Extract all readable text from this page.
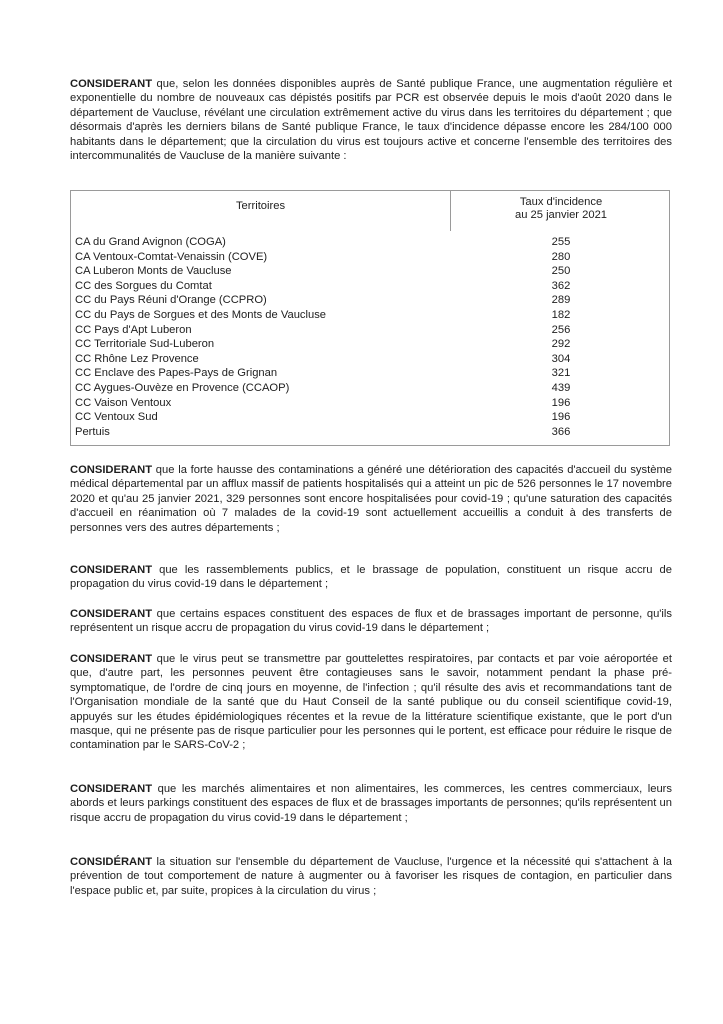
CONSIDERANT que, selon les données disponibles auprès de Santé publique France, une augmentation régulière et exponentielle du nombre de nouveaux cas dépistés positifs par PCR est observée depuis le mois d'août 2020 dans le département de Vaucluse, révélant une circulation extrêmement active du virus dans les territoires du département ; que désormais d'après les derniers bilans de Santé publique France, le taux d'incidence dépasse encore les 284/100 000 habitants dans le département; que la circulation du virus est toujours active et concerne l'ensemble des territoires des intercommunalités de Vaucluse de la manière suivante :

Territoires	Taux d'incidence
au 25 janvier 2021
CA du Grand Avignon (COGA)	255
CA Ventoux-Comtat-Venaissin (COVE)	280
CA Luberon Monts de Vaucluse	250
CC des Sorgues du Comtat	362
CC du Pays Réuni d'Orange (CCPRO)	289
CC du Pays de Sorgues et des Monts de Vaucluse	182
CC Pays d'Apt Luberon	256
CC Territoriale Sud-Luberon	292
CC Rhône Lez Provence	304
CC Enclave des Papes-Pays de Grignan	321
CC Aygues-Ouvèze en Provence (CCAOP)	439
CC Vaison Ventoux	196
CC Ventoux Sud	196
Pertuis	366

CONSIDERANT que la forte hausse des contaminations a généré une détérioration des capacités d'accueil du système médical départemental par un afflux massif de patients hospitalisés qui a atteint un pic de 526 personnes le 17 novembre 2020 et qu'au 25 janvier 2021, 329 personnes sont encore hospitalisées pour covid-19 ; qu'une saturation des capacités d'accueil en réanimation où 7 malades de la covid-19 sont actuellement accueillis a conduit à des transferts de personnes vers des autres départements ;

CONSIDERANT que les rassemblements publics, et le brassage de population, constituent un risque accru de propagation du virus covid-19 dans le département ;

CONSIDERANT que certains espaces constituent des espaces de flux et de brassages important de personne, qu'ils représentent un risque accru de propagation du virus covid-19 dans le département ;

CONSIDERANT que le virus peut se transmettre par gouttelettes respiratoires, par contacts et par voie aéroportée et que, d'autre part, les personnes peuvent être contagieuses sans le savoir, notamment pendant la phase pré-symptomatique, de l'ordre de cinq jours en moyenne, de l'infection ; qu'il résulte des avis et recommandations tant de l'Organisation mondiale de la santé que du Haut Conseil de la santé publique ou du conseil scientifique covid-19, appuyés sur les études épidémiologiques récentes et la revue de la littérature scientifique existante, que le port d'un masque, qui ne présente pas de risque particulier pour les personnes qui le portent, est efficace pour réduire le risque de contamination par le SARS-CoV-2 ;

CONSIDERANT que les marchés alimentaires et non alimentaires, les commerces, les centres commerciaux, leurs abords et leurs parkings constituent des espaces de flux et de brassages importants de personnes; qu'ils représentent un risque accru de propagation du virus covid-19 dans le département ;

CONSIDÉRANT la situation sur l'ensemble du département de Vaucluse, l'urgence et la nécessité qui s'attachent à la prévention de tout comportement de nature à augmenter ou à favoriser les risques de contagion, en particulier dans l'espace public et, par suite, propices à la circulation du virus ;
